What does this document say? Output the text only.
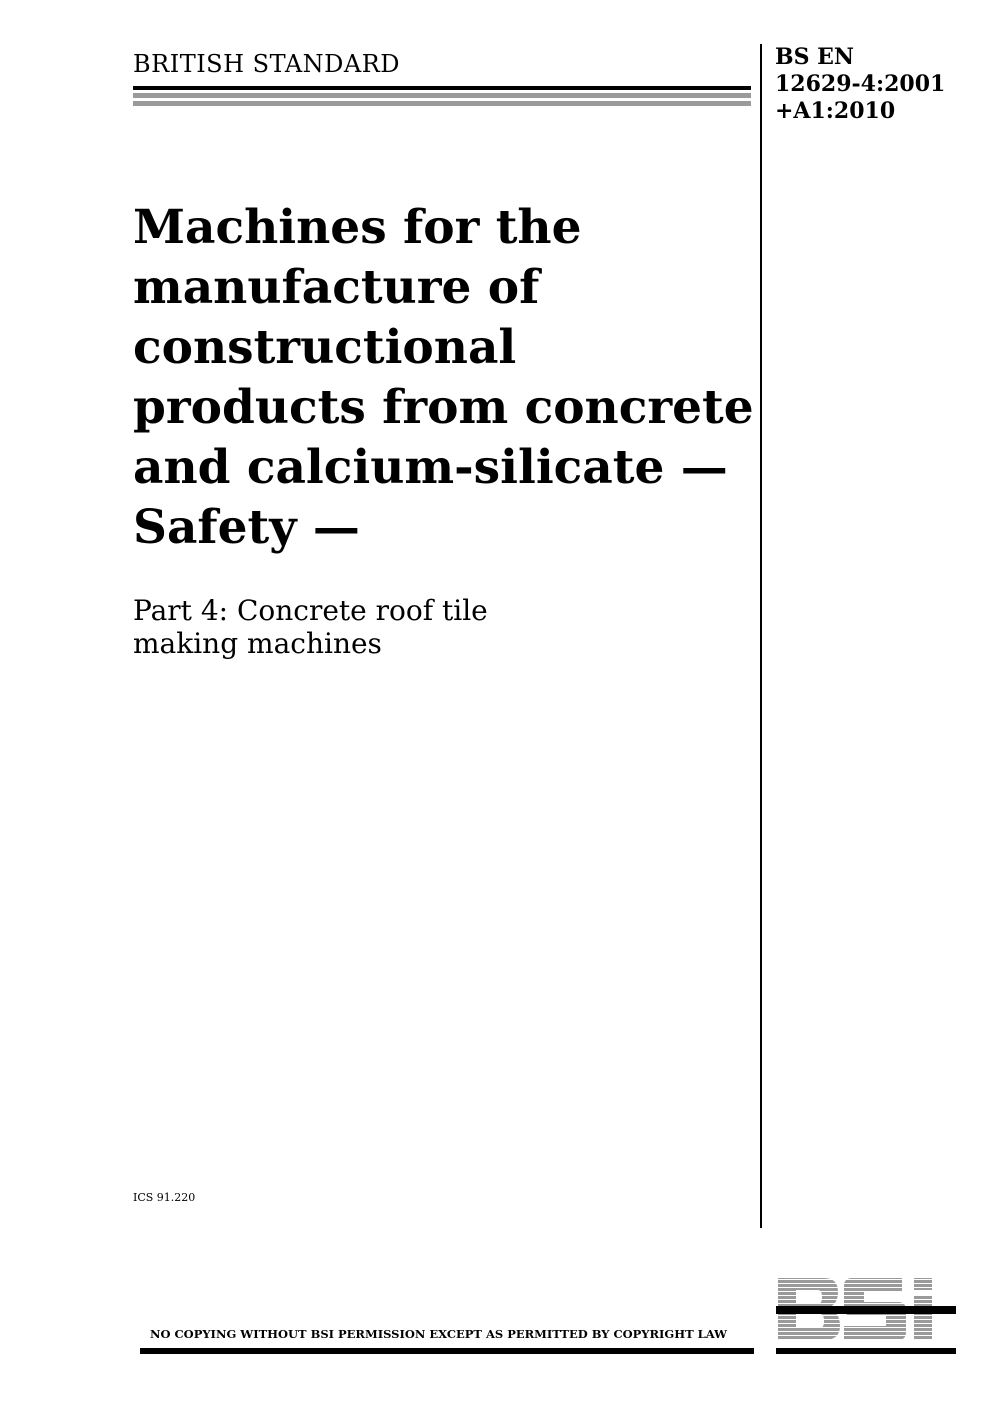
BRITISH STANDARD	BS EN
12629-4:2001
+A1:2010
Machines for the
manufacture of
constructional
products from concrete
and calcium-silicate —
Safety —
Part 4: Concrete roof tile
making machines
ICS 91.220
NO COPYING WITHOUT BSI PERMISSION EXCEPT AS PERMITTED BY COPYRIGHT LAW
